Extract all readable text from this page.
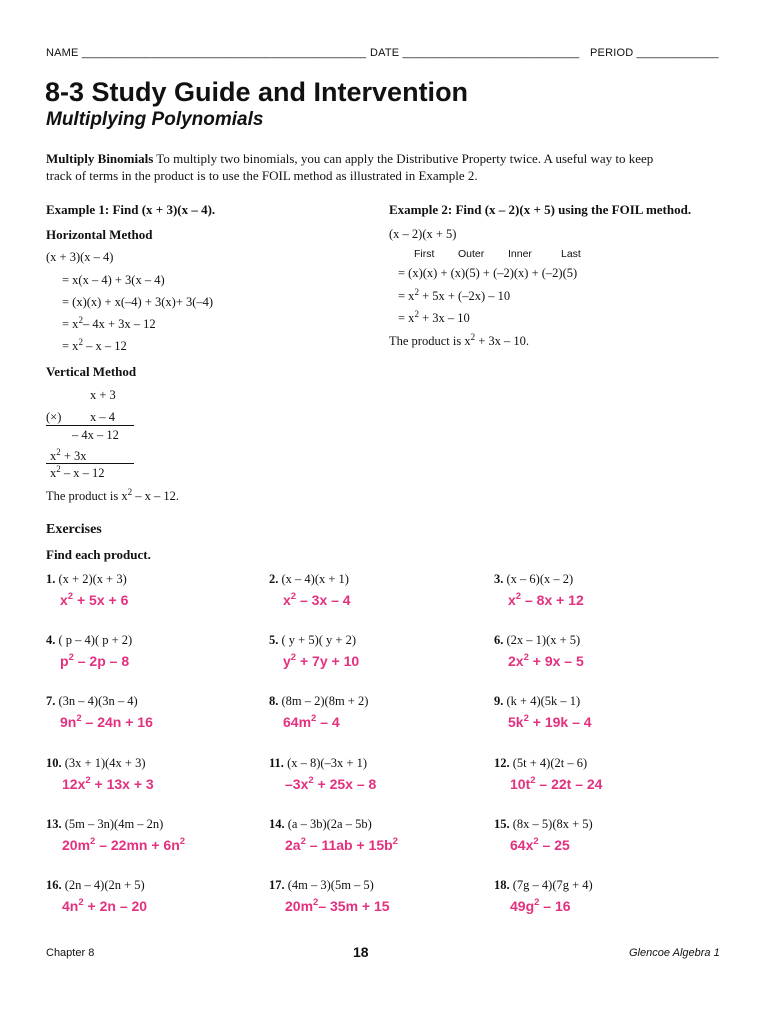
NAME _____________________________________________ DATE ____________________________ PERIOD _____________
8-3 Study Guide and Intervention
Multiplying Polynomials
Multiply Binomials To multiply two binomials, you can apply the Distributive Property twice. A useful way to keep
track of terms in the product is to use the FOIL method as illustrated in Example 2.
Example 1: Find (x + 3)(x – 4).
Horizontal Method
(x + 3)(x – 4)
= x(x – 4) + 3(x – 4)
= (x)(x) + x(–4) + 3(x)+ 3(–4)
= $x^2-$ 4x + 3x – 12
= $x^2$ – x – 12
Vertical Method
x + 3
(×) x – 4
– 4x – 12
$x^2 + 3x$
$x^2$ – x – 12
The product is $x^2$ – x – 12.
Example 2: Find (x – 2)(x + 5) using the FOIL method.
(x – 2)(x + 5)
First Outer Inner	Last
= (x)(x) + (x)(5) + (–2)(x) + (–2)(5)
= $x^2 + 5x + (-2x) - 10$
= $x^2 + 3x - 10$
The product is $x^2 + 3x - 10$.
Exercises
Find each product.
1. (x + 2)(x + 3)
$x^2 + 5x + 6$
2. (x – 4)(x + 1)
$x^2 - 3x - 4$
3. (x – 6)(x – 2)
$x^2 - 8x + 12$
4. ( p – 4)( p + 2)
$p^2 - 2p - 8$
5. ( y + 5)( y + 2)
$y^2 + 7y + 10$
6. (2x – 1)(x + 5)
$2x^2 + 9x - 5$
7. (3n – 4)(3n – 4)
$9n^2 - 24n + 16$
8. (8m – 2)(8m + 2)
$64m^2 - 4$
9. (k + 4)(5k – 1)
$5k^2 + 19k - 4$
10. (3x + 1)(4x + 3)
$12x^2 + 13x + 3$
11. (x – 8)(–3x + 1)
$-3x^2 + 25x - 8$
12. (5t + 4)(2t – 6)
$10t^2 - 22t - 24$
13. (5m – 3n)(4m – 2n)
$20m^2 - 22mn + 6n^2$
14. (a – 3b)(2a – 5b)
$2a^2 - 11ab + 15b^2$
15. (8x – 5)(8x + 5)
$64x^2 - 25$
16. (2n – 4)(2n + 5)
$4n^2 + 2n - 20$
17. (4m – 3)(5m – 5)
$20m^2-$ 35m + 15
18. (7g – 4)(7g + 4)
$49g^2 - 16$
Chapter 8	18	Glencoe Algebra 1
